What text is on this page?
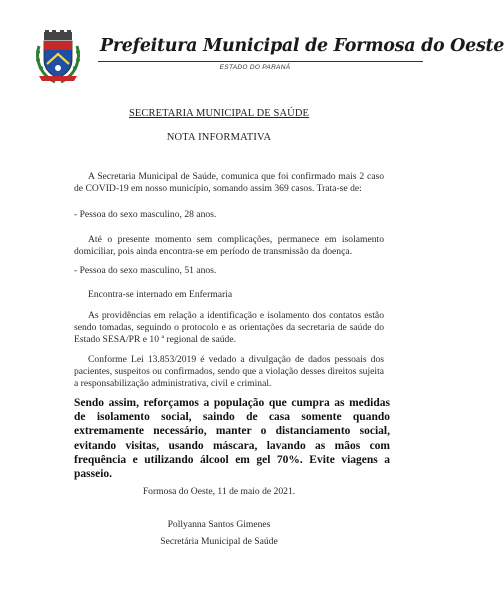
Prefeitura Municipal de Formosa do Oeste
ESTADO DO PARANÁ
SECRETARIA MUNICIPAL DE SAÚDE
NOTA INFORMATIVA
A Secretaria Municipal de Saúde, comunica que foi confirmado mais 2 caso de COVID-19 em nosso município, somando assim 369 casos. Trata-se de:
- Pessoa do sexo masculino, 28 anos.
Até o presente momento sem complicações, permanece em isolamento domiciliar, pois ainda encontra-se em período de transmissão da doença.
- Pessoa do sexo masculino, 51 anos.
Encontra-se internado em Enfermaria
As providências em relação a identificação e isolamento dos contatos estão sendo tomadas, seguindo o protocolo e as orientações da secretaria de saúde do Estado SESA/PR e 10 ª regional de saúde.
Conforme Lei 13.853/2019 é vedado a divulgação de dados pessoais dos pacientes, suspeitos ou confirmados, sendo que a violação desses direitos sujeita a responsabilização administrativa, civil e criminal.
Sendo assim, reforçamos a população que cumpra as medidas de isolamento social, saindo de casa somente quando extremamente necessário, manter o distanciamento social, evitando visitas, usando máscara, lavando as mãos com frequência e utilizando álcool em gel 70%. Evite viagens a passeio.
Formosa do Oeste, 11 de maio de 2021.
Pollyanna Santos Gimenes
Secretária Municipal de Saúde
